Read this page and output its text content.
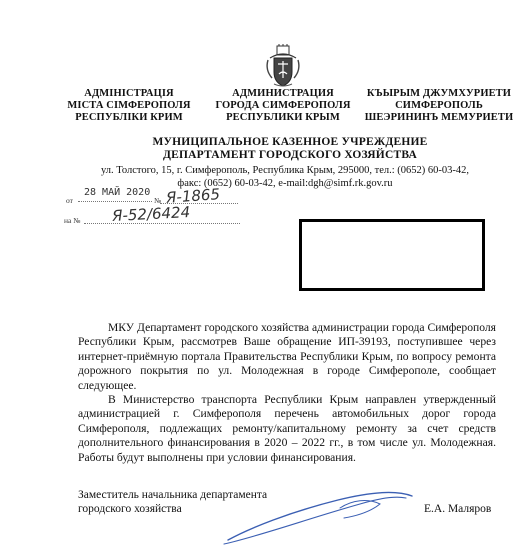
АДМІНІСТРАЦІЯ
МІСТА СІМФЕРОПОЛЯ
РЕСПУБЛІКИ КРИМ
АДМИНИСТРАЦИЯ
ГОРОДА СИМФЕРОПОЛЯ
РЕСПУБЛИКИ КРЫМ
КЪЫРЫМ ДЖУМХУРИЕТИ
СИМФЕРОПОЛЬ
ШЕЭРИНИНЪ МЕМУРИЕТИ
МУНИЦИПАЛЬНОЕ КАЗЕННОЕ УЧРЕЖДЕНИЕ
ДЕПАРТАМЕНТ ГОРОДСКОГО ХОЗЯЙСТВА
ул. Толстого, 15, г. Симферополь, Республика Крым, 295000, тел.: (0652) 60-03-42,
факс: (0652) 60-03-42, e-mail:dgh@simf.rk.gov.ru
от
28 МАЙ 2020
№ Я-1865
на № Я-52/6424

МКУ Департамент городского хозяйства администрации города Симферополя Республики Крым, рассмотрев Ваше обращение ИП-39193, поступившее через интернет-приёмную портала Правительства Республики Крым, по вопросу ремонта дорожного покрытия по ул. Молодежная в городе Симферополе, сообщает следующее.

В Министерство транспорта Республики Крым направлен утвержденный администрацией г. Симферополя перечень автомобильных дорог города Симферополя, подлежащих ремонту/капитальному ремонту за счет средств дополнительного финансирования в 2020 – 2022 гг., в том числе ул. Молодежная. Работы будут выполнены при условии финансирования.

Заместитель начальника департамента
городского хозяйства	Е.А. Маляров
